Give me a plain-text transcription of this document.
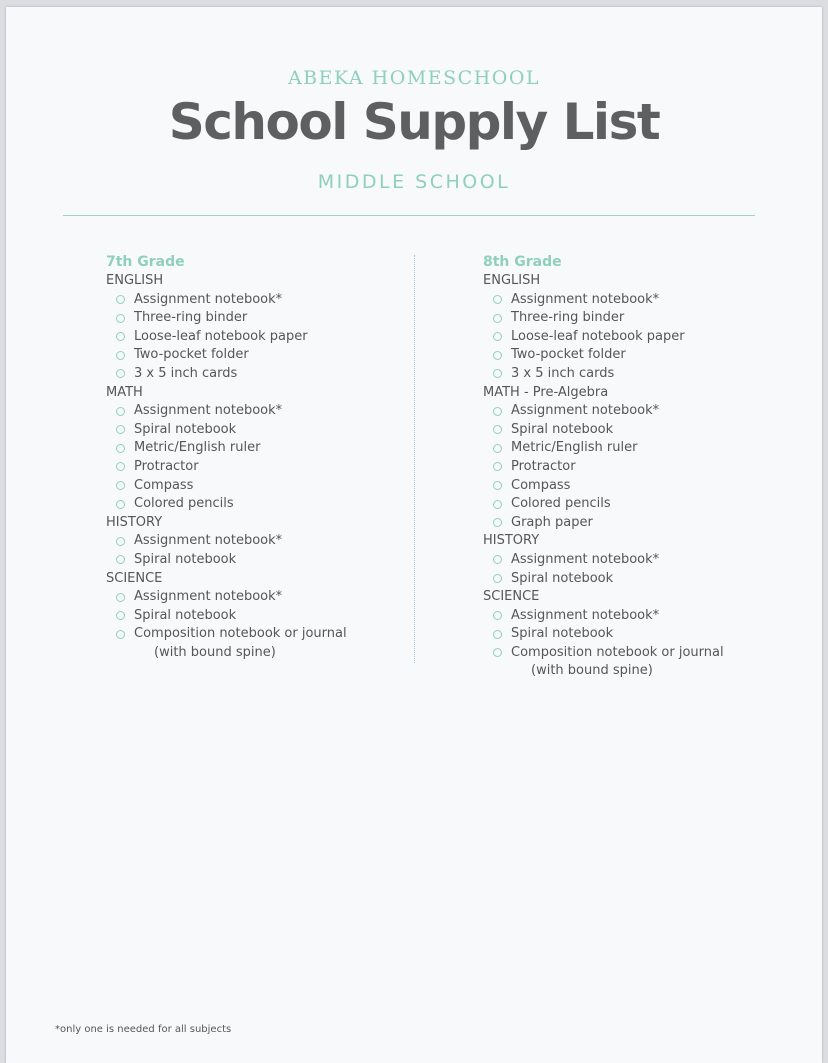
ABEKA HOMESCHOOL
School Supply List
MIDDLE SCHOOL
7th Grade
ENGLISH
Assignment notebook*
Three-ring binder
Loose-leaf notebook paper
Two-pocket folder
3 x 5 inch cards
MATH
Assignment notebook*
Spiral notebook
Metric/English ruler
Protractor
Compass
Colored pencils
HISTORY
Assignment notebook*
Spiral notebook
SCIENCE
Assignment notebook*
Spiral notebook
Composition notebook or journal
(with bound spine)
8th Grade
ENGLISH
Assignment notebook*
Three-ring binder
Loose-leaf notebook paper
Two-pocket folder
3 x 5 inch cards
MATH - Pre-Algebra
Assignment notebook*
Spiral notebook
Metric/English ruler
Protractor
Compass
Colored pencils
Graph paper
HISTORY
Assignment notebook*
Spiral notebook
SCIENCE
Assignment notebook*
Spiral notebook
Composition notebook or journal
(with bound spine)
*only one is needed for all subjects
